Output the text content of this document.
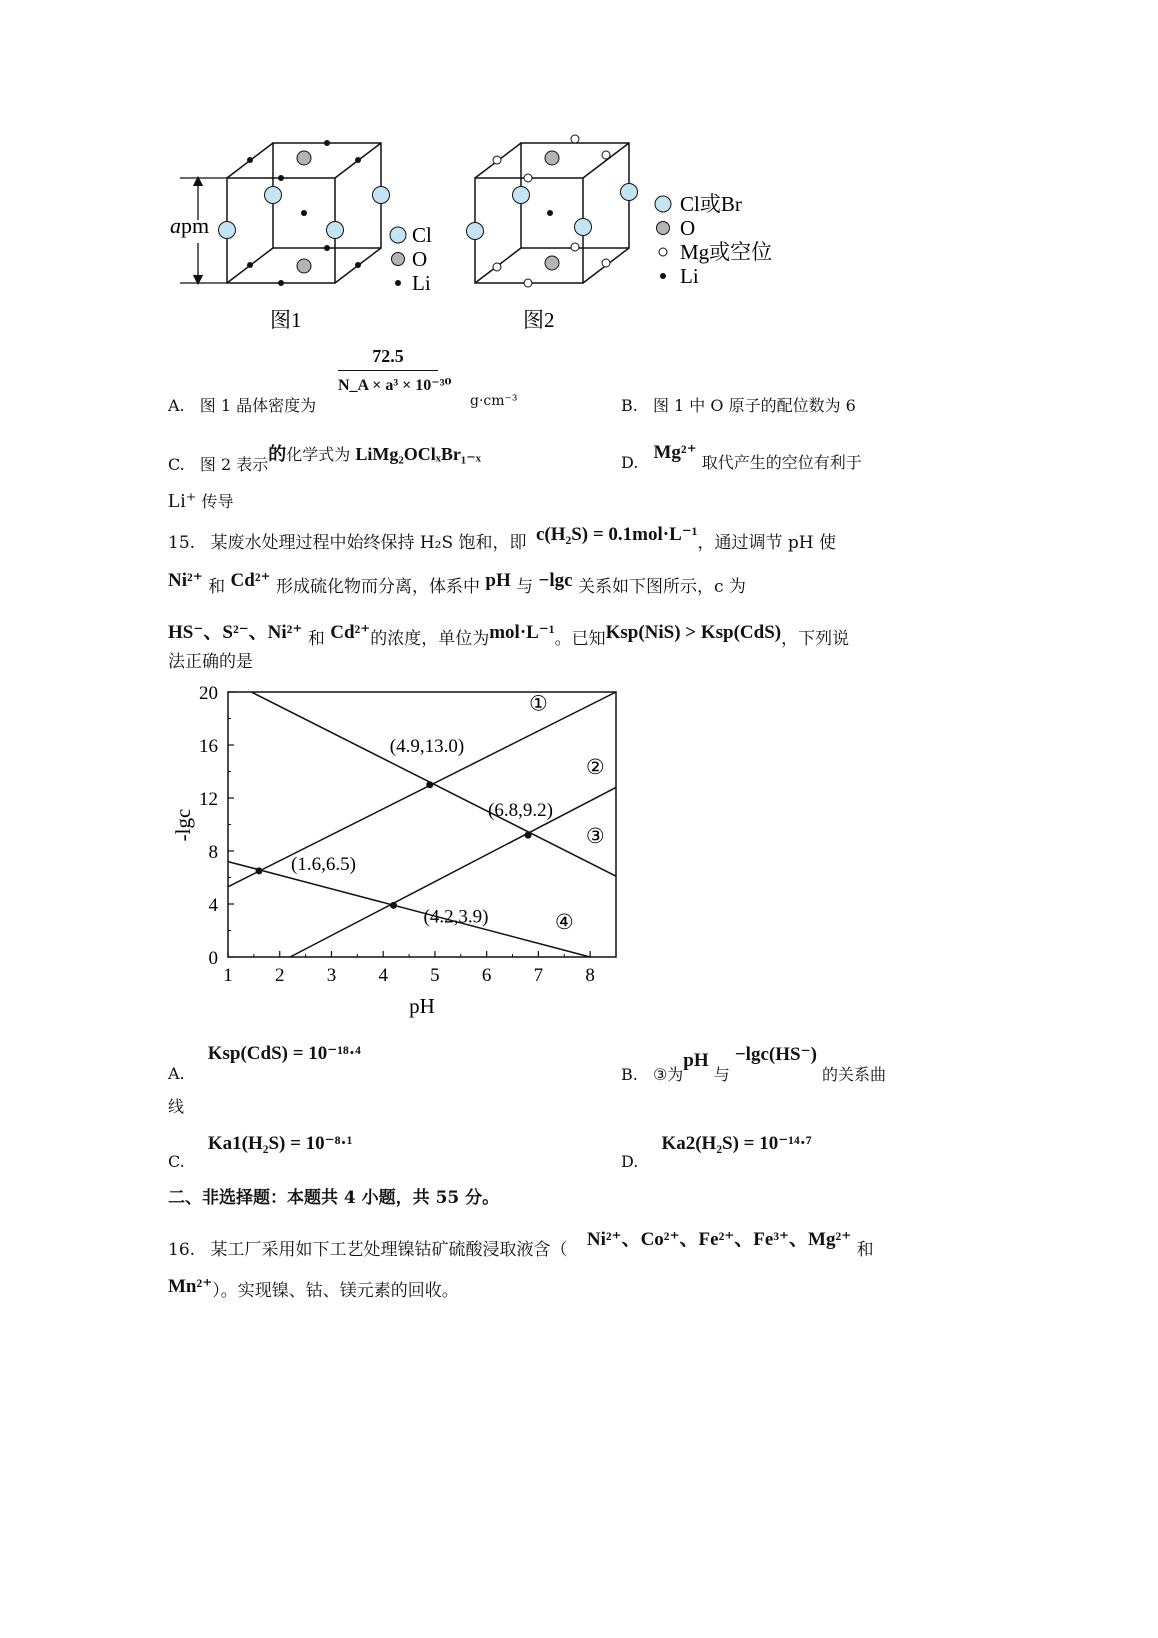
apm	Cl
O
Li
图1
Cl或Br
O
Mg或空位
Li
图2
72.5
N_A × a³ × 10⁻³⁰
A. 图 1 晶体密度为	g·cm⁻³	B. 图 1 中 O 原子的配位数为 6
C. 图 2 表示的化学式为 LiMg₂OClₓBr₁₋ₓ	D. Mg²⁺ 取代产生的空位有利于
Li⁺ 传导
15. 某废水处理过程中始终保持 H₂S 饱和，即 c(H₂S) = 0.1mol·L⁻¹，通过调节 pH 使
Ni²⁺ 和 Cd²⁺ 形成硫化物而分离，体系中 pH 与 −lgc 关系如下图所示，c 为
HS⁻、S²⁻、Ni²⁺ 和 Cd²⁺的浓度，单位为mol·L⁻¹。已知Ksp(NiS) > Ksp(CdS)，下列说
法正确的是
1 2 3 4 5 6 7 8
0
4
8
12
16
20
(4.9,13.0)
(6.8,9.2)
(1.6,6.5)
(4.2,3.9)
①
②
③
④
pH
-lgc
A. Ksp(CdS) = 10⁻¹⁸·⁴
B. ③为pH 与 −lgc(HS⁻) 的关系曲
线
C. Ka1(H₂S) = 10⁻⁸·¹
D. Ka2(H₂S) = 10⁻¹⁴·⁷
二、非选择题：本题共 4 小题，共 55 分。
16. 某工厂采用如下工艺处理镍钴矿硫酸浸取液含（ Ni²⁺、Co²⁺、Fe²⁺、Fe³⁺、Mg²⁺ 和
Mn²⁺）。实现镍、钴、镁元素的回收。
